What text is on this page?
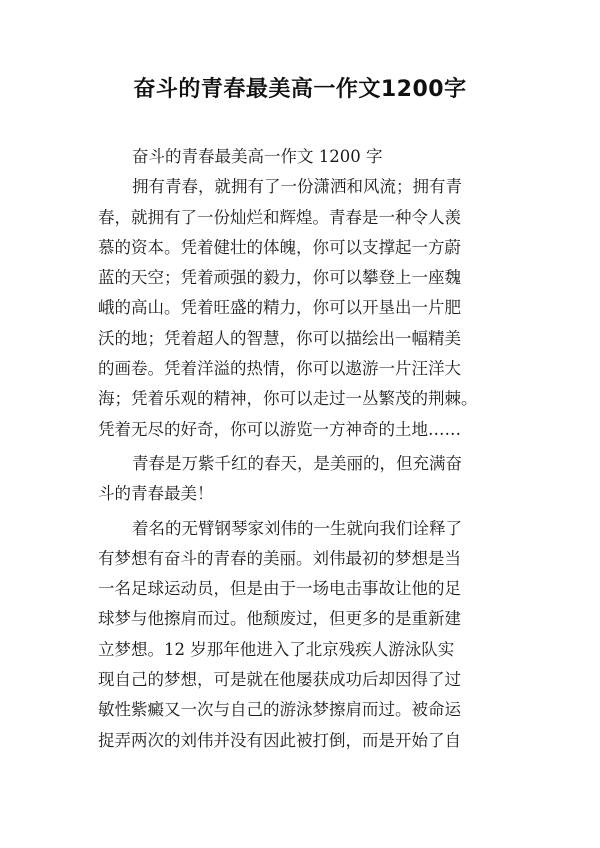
奋斗的青春最美高一作文1200字
奋斗的青春最美高一作文 1200 字
拥有青春，就拥有了一份潇洒和风流；拥有青
春，就拥有了一份灿烂和辉煌。青春是一种令人羡
慕的资本。凭着健壮的体魄，你可以支撑起一方蔚
蓝的天空；凭着顽强的毅力，你可以攀登上一座魏
峨的高山。凭着旺盛的精力，你可以开垦出一片肥
沃的地；凭着超人的智慧，你可以描绘出一幅精美
的画卷。凭着洋溢的热情，你可以遨游一片汪洋大
海；凭着乐观的精神，你可以走过一丛繁茂的荆棘。
凭着无尽的好奇，你可以游览一方神奇的土地……
青春是万紫千红的春天，是美丽的，但充满奋
斗的青春最美！
着名的无臂钢琴家刘伟的一生就向我们诠释了
有梦想有奋斗的青春的美丽。刘伟最初的梦想是当
一名足球运动员，但是由于一场电击事故让他的足
球梦与他擦肩而过。他颓废过，但更多的是重新建
立梦想。12 岁那年他进入了北京残疾人游泳队实
现自己的梦想，可是就在他屡获成功后却因得了过
敏性紫癜又一次与自己的游泳梦擦肩而过。被命运
捉弄两次的刘伟并没有因此被打倒，而是开始了自
